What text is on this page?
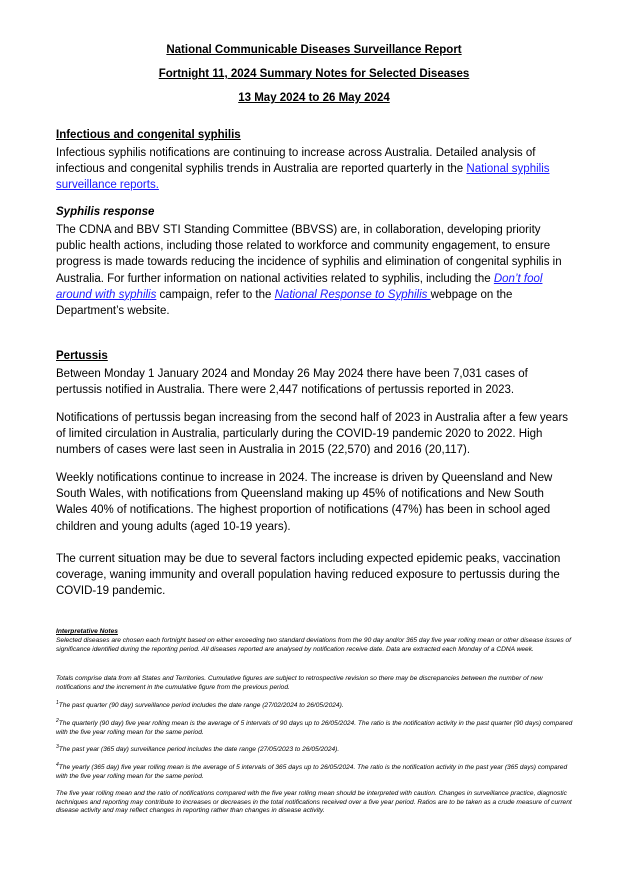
National Communicable Diseases Surveillance Report
Fortnight 11, 2024 Summary Notes for Selected Diseases
13 May 2024 to 26 May 2024
Infectious and congenital syphilis
Infectious syphilis notifications are continuing to increase across Australia. Detailed analysis of infectious and congenital syphilis trends in Australia are reported quarterly in the National syphilis surveillance reports.
Syphilis response
The CDNA and BBV STI Standing Committee (BBVSS) are, in collaboration, developing priority public health actions, including those related to workforce and community engagement, to ensure progress is made towards reducing the incidence of syphilis and elimination of congenital syphilis in Australia. For further information on national activities related to syphilis, including the Don’t fool around with syphilis campaign, refer to the National Response to Syphilis webpage on the Department’s website.
Pertussis
Between Monday 1 January 2024 and Monday 26 May 2024 there have been 7,031 cases of pertussis notified in Australia. There were 2,447 notifications of pertussis reported in 2023.
Notifications of pertussis began increasing from the second half of 2023 in Australia after a few years of limited circulation in Australia, particularly during the COVID-19 pandemic 2020 to 2022. High numbers of cases were last seen in Australia in 2015 (22,570) and 2016 (20,117).
Weekly notifications continue to increase in 2024. The increase is driven by Queensland and New South Wales, with notifications from Queensland making up 45% of notifications and New South Wales 40% of notifications. The highest proportion of notifications (47%) has been in school aged children and young adults (aged 10-19 years).
The current situation may be due to several factors including expected epidemic peaks, vaccination coverage, waning immunity and overall population having reduced exposure to pertussis during the COVID-19 pandemic.
Interpretative Notes
Selected diseases are chosen each fortnight based on either exceeding two standard deviations from the 90 day and/or 365 day five year rolling mean or other disease issues of significance identified during the reporting period. All diseases reported are analysed by notification receive date. Data are extracted each Monday of a CDNA week.
Totals comprise data from all States and Territories. Cumulative figures are subject to retrospective revision so there may be discrepancies between the number of new notifications and the increment in the cumulative figure from the previous period.
$^1$The past quarter (90 day) surveillance period includes the date range (27/02/2024 to 26/05/2024).
$^2$The quarterly (90 day) five year rolling mean is the average of 5 intervals of 90 days up to 26/05/2024. The ratio is the notification activity in the past quarter (90 days) compared with the five year rolling mean for the same period.
$^3$The past year (365 day) surveillance period includes the date range (27/05/2023 to 26/05/2024).
$^4$The yearly (365 day) five year rolling mean is the average of 5 intervals of 365 days up to 26/05/2024. The ratio is the notification activity in the past year (365 days) compared with the five year rolling mean for the same period.
The five year rolling mean and the ratio of notifications compared with the five year rolling mean should be interpreted with caution. Changes in surveillance practice, diagnostic techniques and reporting may contribute to increases or decreases in the total notifications received over a five year period. Ratios are to be taken as a crude measure of current disease activity and may reflect changes in reporting rather than changes in disease activity.
